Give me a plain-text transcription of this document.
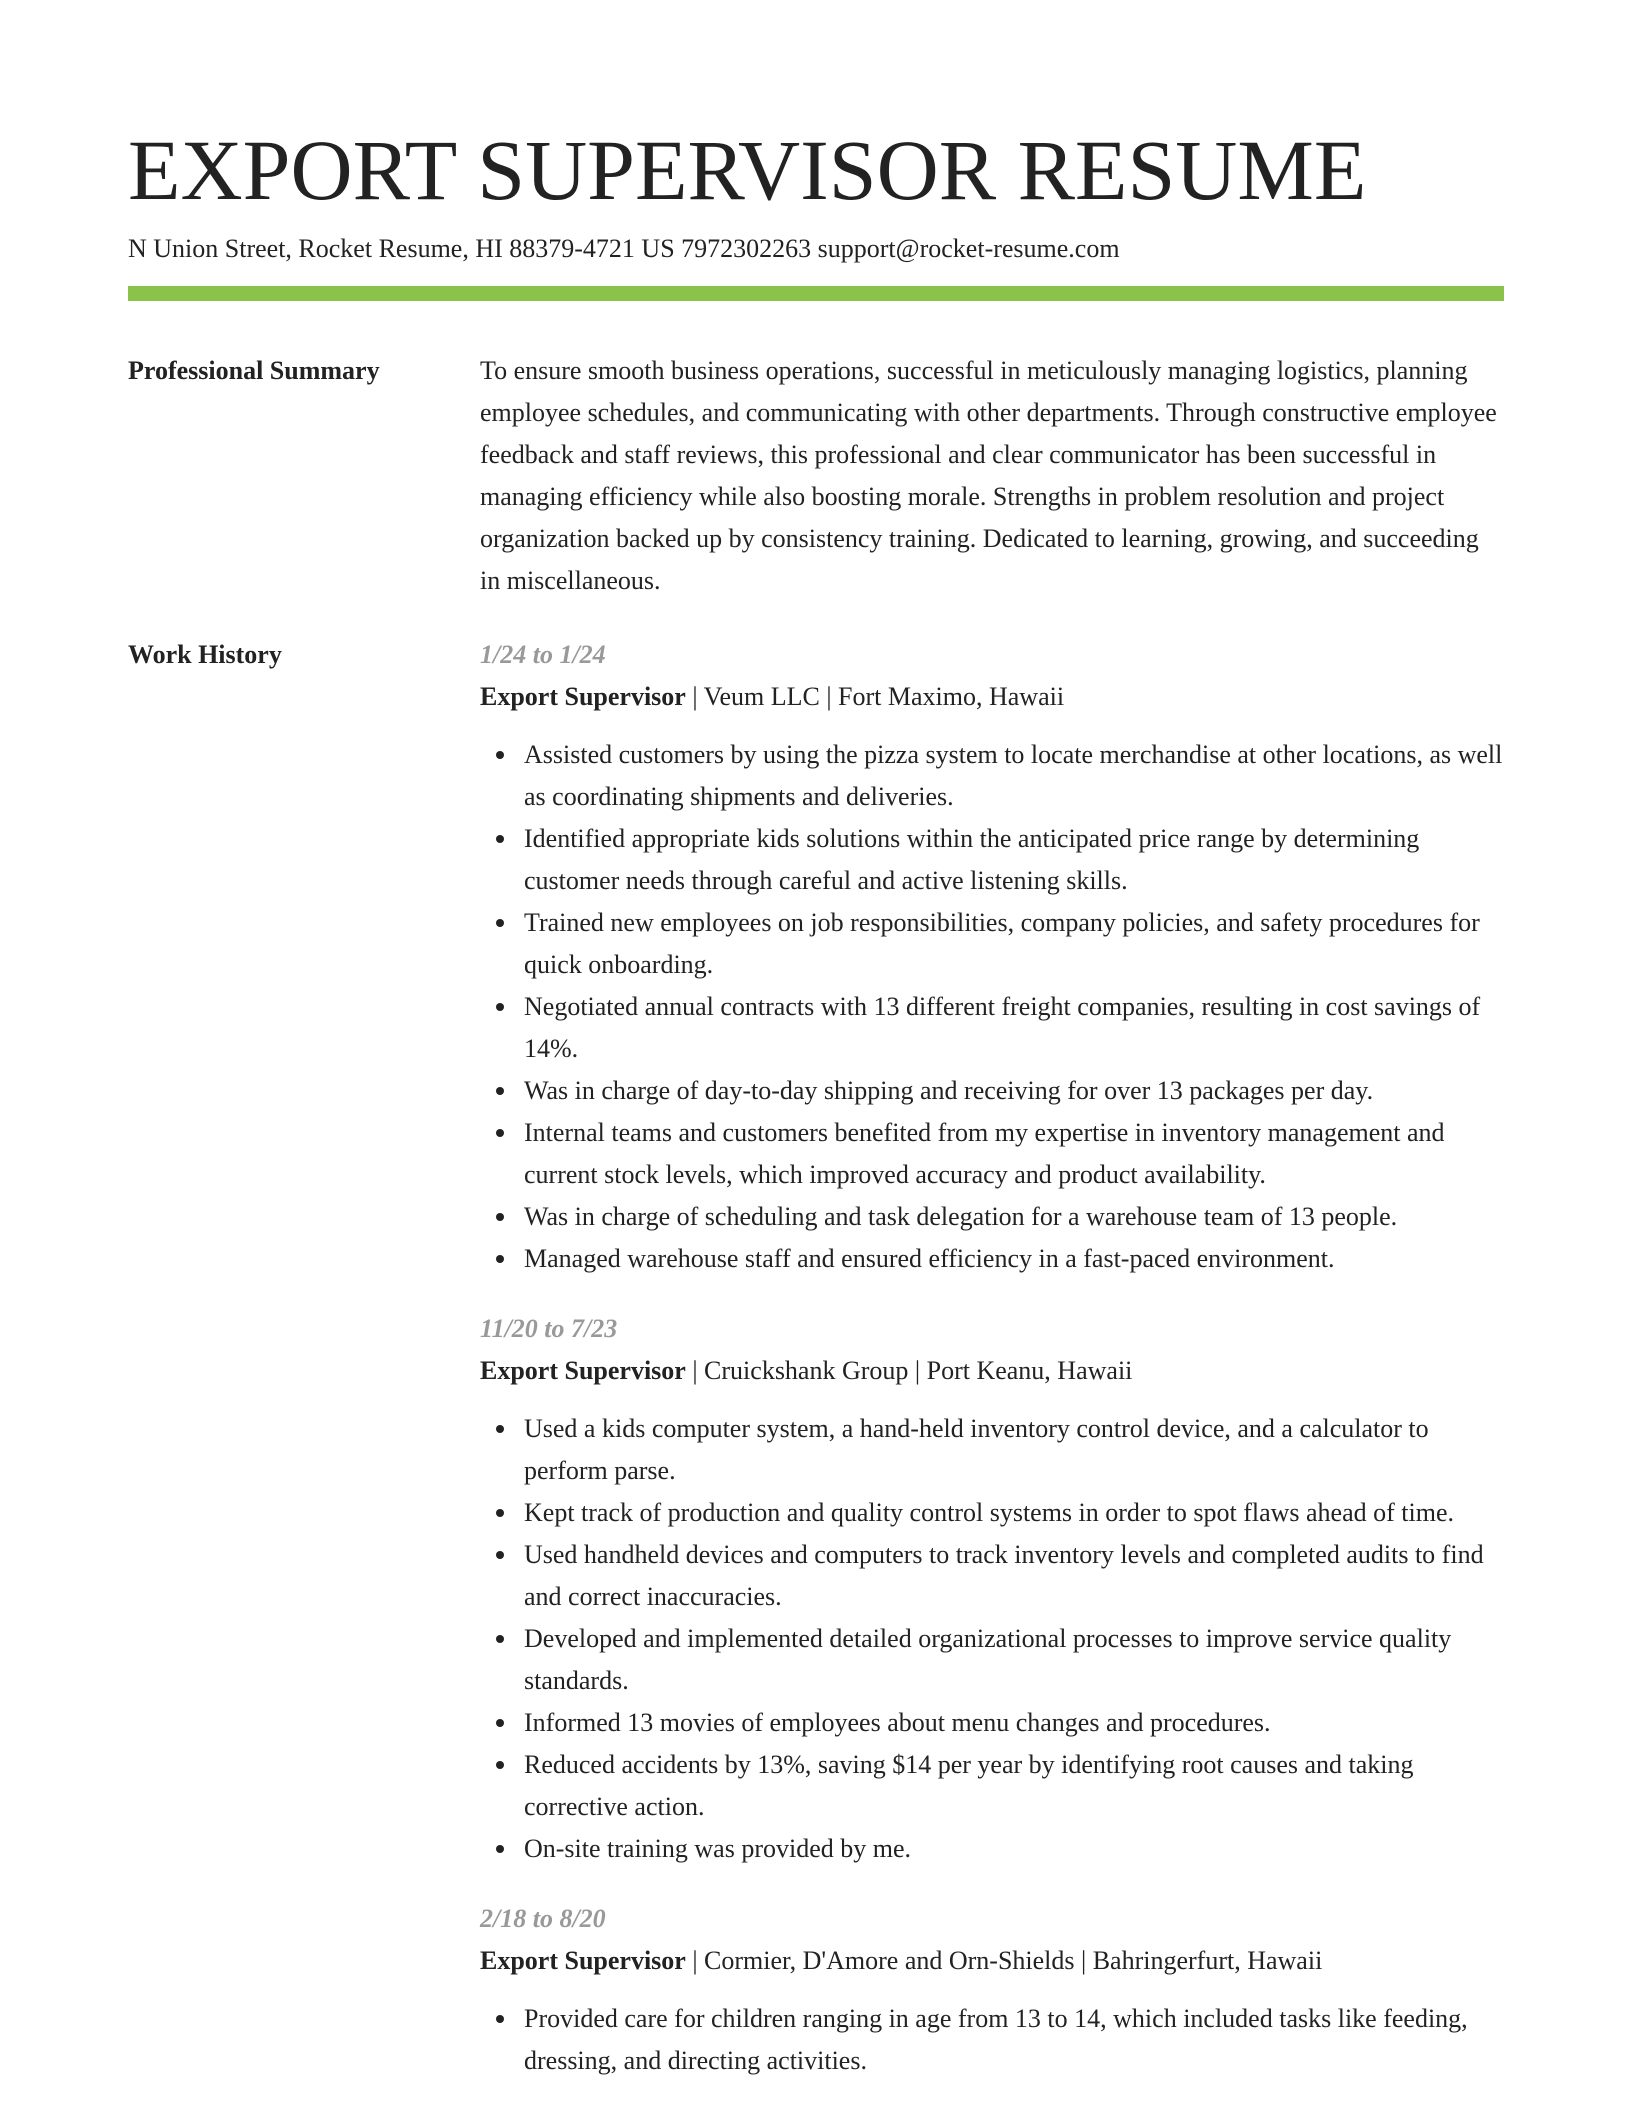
EXPORT SUPERVISOR RESUME
N Union Street, Rocket Resume, HI 88379-4721 US 7972302263 support@rocket-resume.com
Professional Summary	To ensure smooth business operations, successful in meticulously managing logistics, planning employee schedules, and communicating with other departments. Through constructive employee feedback and staff reviews, this professional and clear communicator has been successful in managing efficiency while also boosting morale. Strengths in problem resolution and project organization backed up by consistency training. Dedicated to learning, growing, and succeeding in miscellaneous.

Work History	1/24 to 1/24
Export Supervisor | Veum LLC | Fort Maximo, Hawaii
Assisted customers by using the pizza system to locate merchandise at other locations, as well as coordinating shipments and deliveries.
Identified appropriate kids solutions within the anticipated price range by determining customer needs through careful and active listening skills.
Trained new employees on job responsibilities, company policies, and safety procedures for quick onboarding.
Negotiated annual contracts with 13 different freight companies, resulting in cost savings of 14%.
Was in charge of day-to-day shipping and receiving for over 13 packages per day.
Internal teams and customers benefited from my expertise in inventory management and current stock levels, which improved accuracy and product availability.
Was in charge of scheduling and task delegation for a warehouse team of 13 people.
Managed warehouse staff and ensured efficiency in a fast-paced environment.
11/20 to 7/23
Export Supervisor | Cruickshank Group | Port Keanu, Hawaii
Used a kids computer system, a hand-held inventory control device, and a calculator to perform parse.
Kept track of production and quality control systems in order to spot flaws ahead of time.
Used handheld devices and computers to track inventory levels and completed audits to find and correct inaccuracies.
Developed and implemented detailed organizational processes to improve service quality standards.
Informed 13 movies of employees about menu changes and procedures.
Reduced accidents by 13%, saving $14 per year by identifying root causes and taking corrective action.
On-site training was provided by me.
2/18 to 8/20
Export Supervisor | Cormier, D'Amore and Orn-Shields | Bahringerfurt, Hawaii
Provided care for children ranging in age from 13 to 14, which included tasks like feeding, dressing, and directing activities.
